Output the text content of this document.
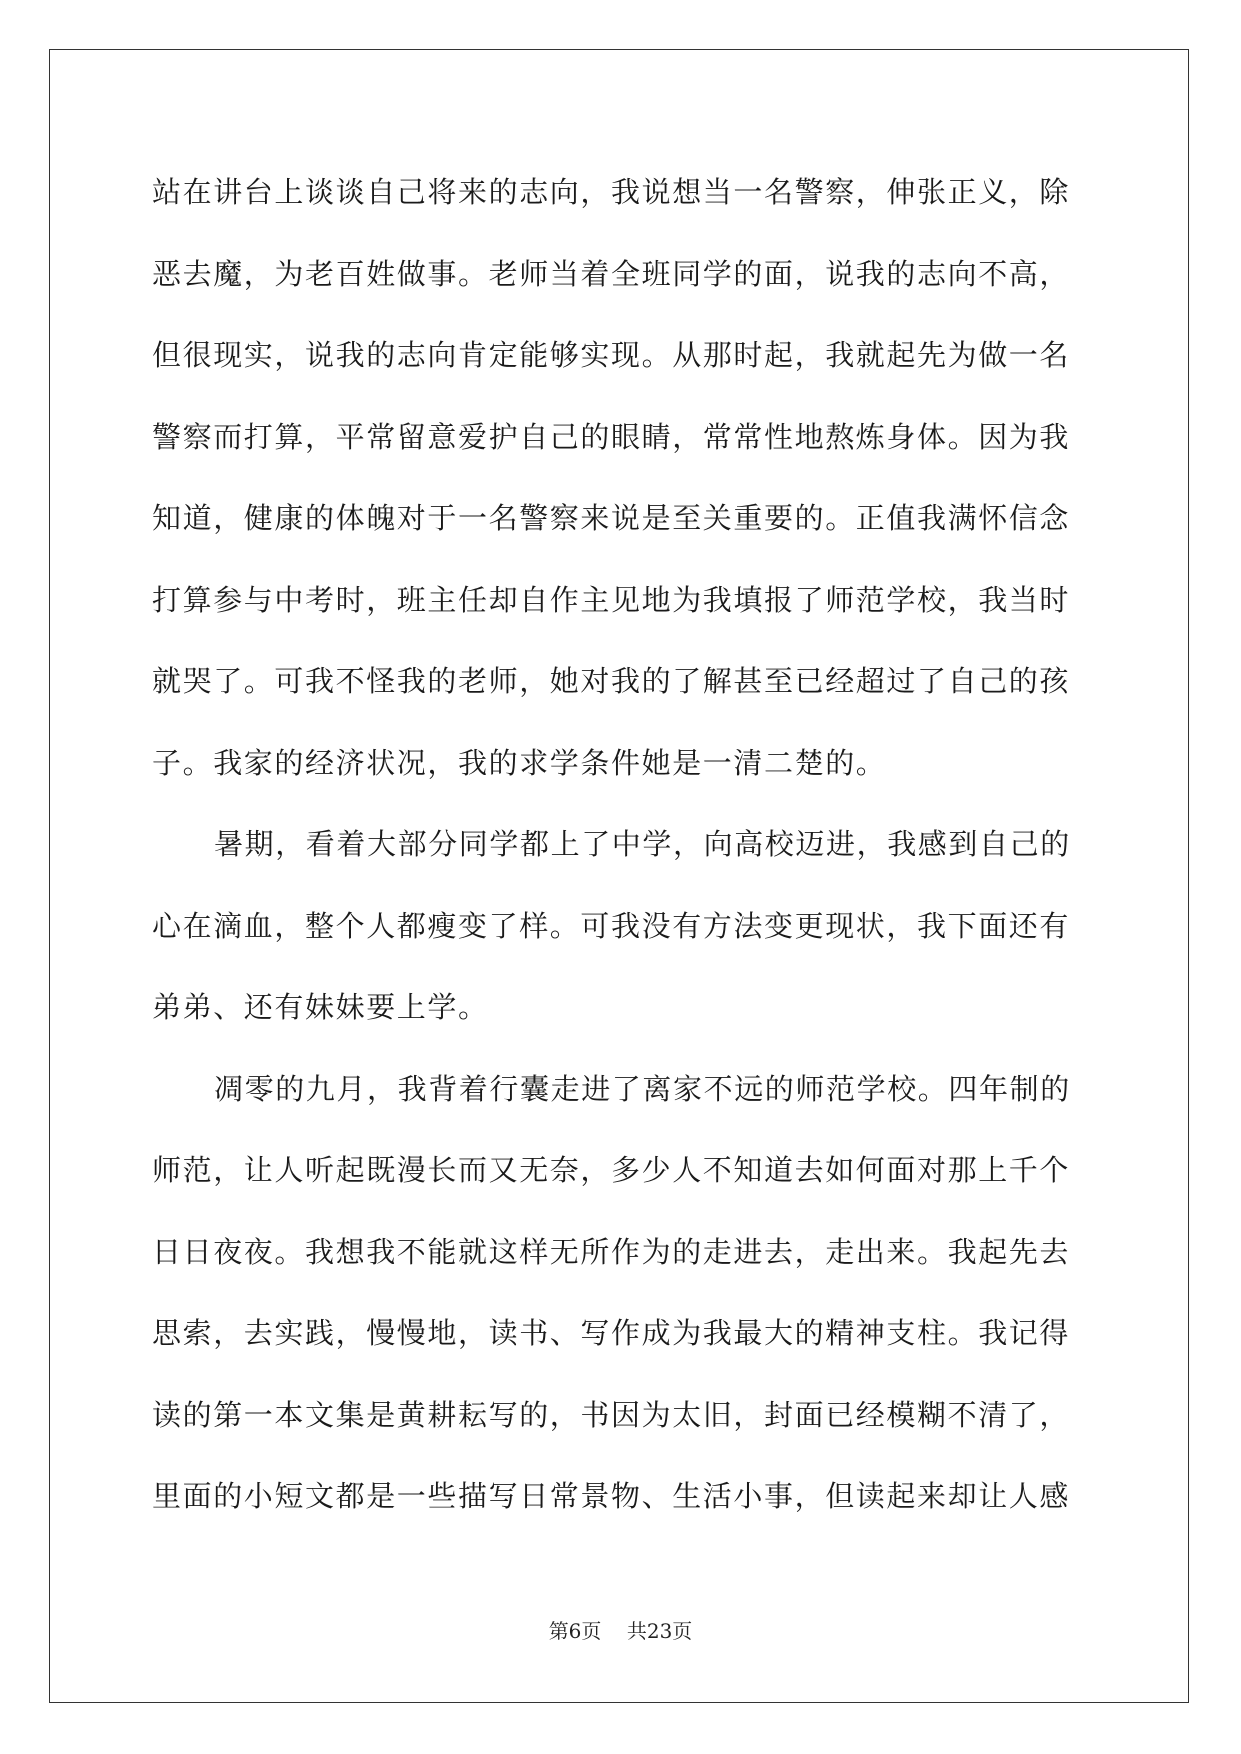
站在讲台上谈谈自己将来的志向，我说想当一名警察，伸张正义，除
恶去魔，为老百姓做事。老师当着全班同学的面，说我的志向不高，
但很现实，说我的志向肯定能够实现。从那时起，我就起先为做一名
警察而打算，平常留意爱护自己的眼睛，常常性地熬炼身体。因为我
知道，健康的体魄对于一名警察来说是至关重要的。正值我满怀信念
打算参与中考时，班主任却自作主见地为我填报了师范学校，我当时
就哭了。可我不怪我的老师，她对我的了解甚至已经超过了自己的孩
子。我家的经济状况，我的求学条件她是一清二楚的。
暑期，看着大部分同学都上了中学，向高校迈进，我感到自己的
心在滴血，整个人都瘦变了样。可我没有方法变更现状，我下面还有
弟弟、还有妹妹要上学。
凋零的九月，我背着行囊走进了离家不远的师范学校。四年制的
师范，让人听起既漫长而又无奈，多少人不知道去如何面对那上千个
日日夜夜。我想我不能就这样无所作为的走进去，走出来。我起先去
思索，去实践，慢慢地，读书、写作成为我最大的精神支柱。我记得
读的第一本文集是黄耕耘写的，书因为太旧，封面已经模糊不清了，
里面的小短文都是一些描写日常景物、生活小事，但读起来却让人感
第6页 共23页
